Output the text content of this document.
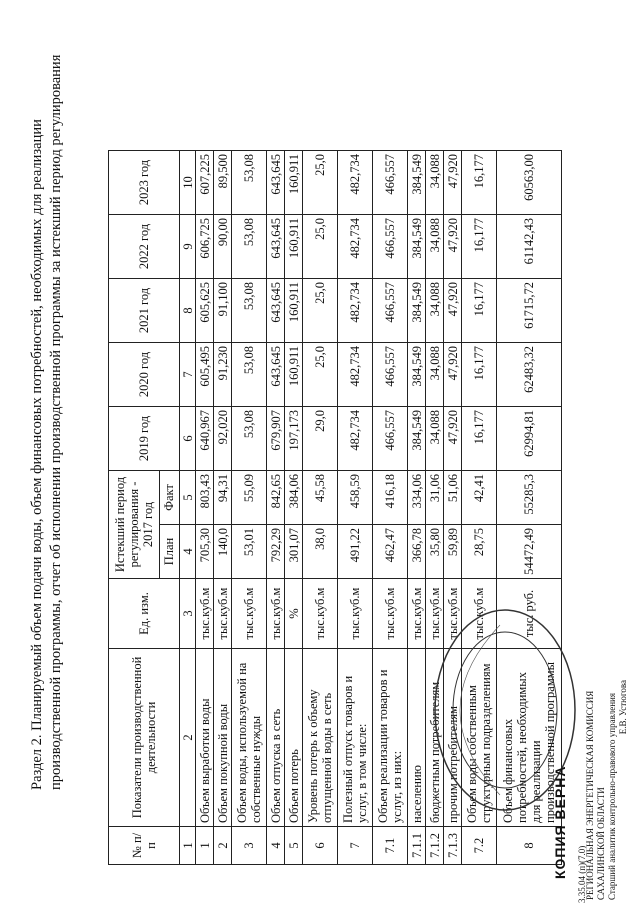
Раздел 2. Планируемый объем подачи воды, объем финансовых потребностей, необходимых для реализации производственной программы, отчет об исполнении производственной программы за истекший период регулирования
№ п/п	Показатели производственной деятельности	Ед. изм.	Истекший период регулирования - 2017 год		2019 год	2020 год	2021 год	2022 год	2023 год
			План	Факт					
1	2	3	4	5	6	7	8	9	10
1	Объем выработки воды	тыс.куб.м	705,30	803,43	640,967	605,495	605,625	606,725	607,225
2	Объем покупной воды	тыс.куб.м	140,0	94,31	92,020	91,230	91,100	90,00	89,500
3	Объем воды, используемой на собственные нужды	тыс.куб.м	53,01	55,09	53,08	53,08	53,08	53,08	53,08
4	Объем отпуска в сеть	тыс.куб.м	792,29	842,65	679,907	643,645	643,645	643,645	643,645
5	Объем потерь	%	301,07	384,06	197,173	160,911	160,911	160,911	160,911
6	Уровень потерь к объему отпущенной воды в сеть	тыс.куб.м	38,0	45,58	29,0	25,0	25,0	25,0	25,0
7	Полезный отпуск товаров и услуг, в том числе:	тыс.куб.м	491,22	458,59	482,734	482,734	482,734	482,734	482,734
7.1	Объем реализации товаров и услуг, из них:	тыс.куб.м	462,47	416,18	466,557	466,557	466,557	466,557	466,557
7.1.1	населению	тыс.куб.м	366,78	334,06	384,549	384,549	384,549	384,549	384,549
7.1.2	бюджетным потребителям	тыс.куб.м	35,80	31,06	34,088	34,088	34,088	34,088	34,088
7.1.3	прочим потребителям	тыс.куб.м	59,89	51,06	47,920	47,920	47,920	47,920	47,920
7.2	Объем воды собственным структурным подразделениям	тыс.куб.м	28,75	42,41	16,177	16,177	16,177	16,177	16,177
8	Объем финансовых потребностей, необходимых для реализации производственной программы	тыс. руб.	54472,49	55285,3	62994,81	62483,32	61715,72	61142,43	60563,00
КОПИЯ ВЕРНА РЕГИОНАЛЬНАЯ ЭНЕРГЕТИЧЕСКАЯ КОМИССИЯ САХАЛИНСКОЙ ОБЛАСТИ Старший аналитик контрольно-правового управления Е.В. Устюгова
3.35.04 (п)(7.0)
